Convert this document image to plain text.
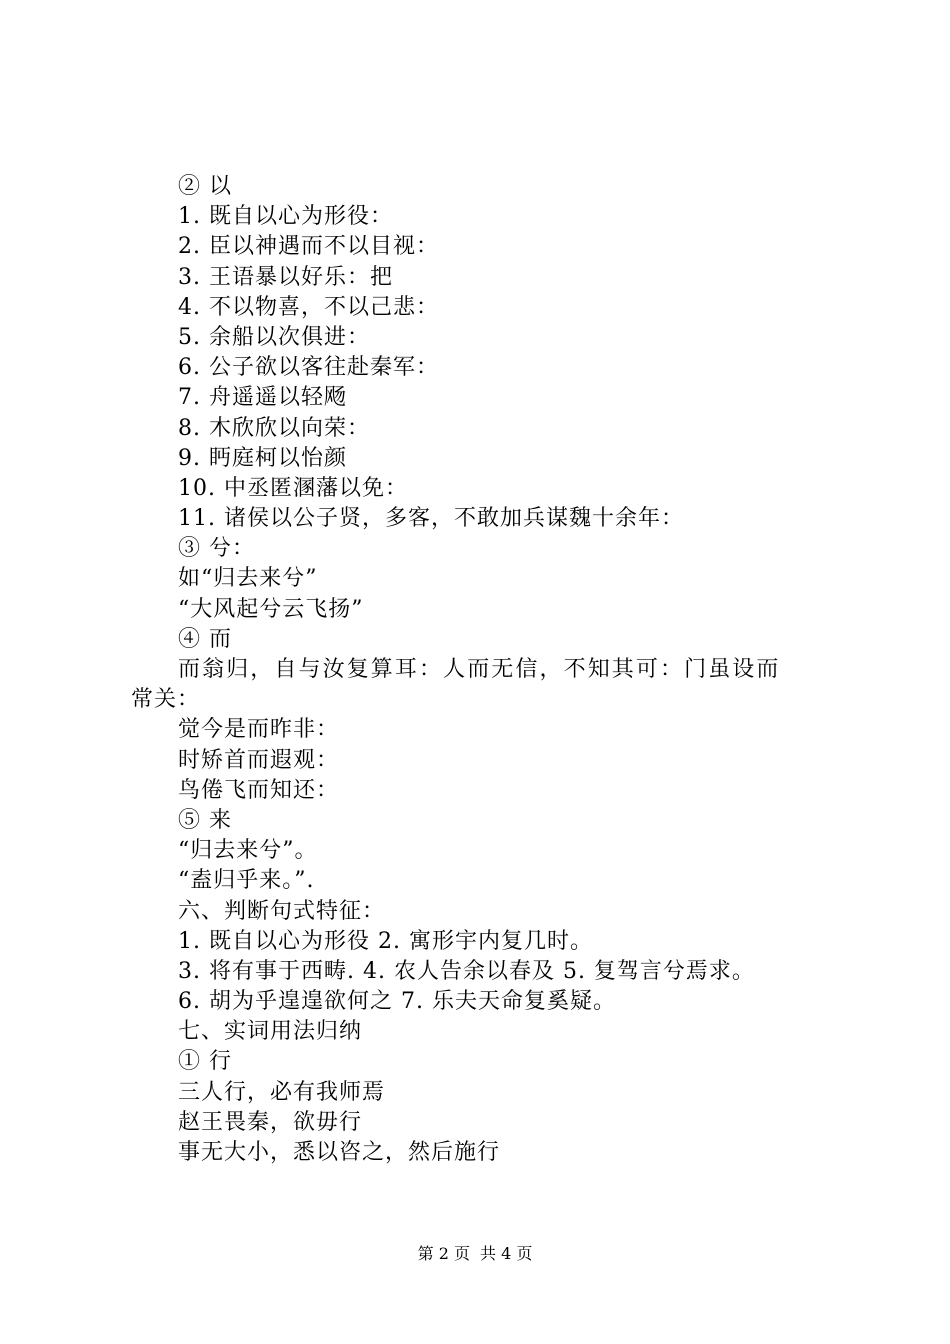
② 以
1. 既自以心为形役：
2. 臣以神遇而不以目视：
3. 王语暴以好乐：把
4. 不以物喜，不以己悲：
5. 余船以次俱进：
6. 公子欲以客往赴秦军：
7. 舟遥遥以轻飏
8. 木欣欣以向荣：
9. 眄庭柯以怡颜
10. 中丞匿溷藩以免：
11. 诸侯以公子贤，多客，不敢加兵谋魏十余年：
③ 兮：
如“归去来兮”
“大风起兮云飞扬”
④ 而
而翁归，自与汝复算耳：人而无信，不知其可：门虽设而
常关：
觉今是而昨非：
时矫首而遐观：
鸟倦飞而知还：
⑤ 来
“归去来兮”。
“盍归乎来。”.
六、判断句式特征：
1. 既自以心为形役 2. 寓形宇内复几时。
3. 将有事于西畴. 4. 农人告余以春及 5. 复驾言兮焉求。
6. 胡为乎遑遑欲何之 7. 乐夫天命复奚疑。
七、实词用法归纳
① 行
三人行，必有我师焉
赵王畏秦，欲毋行
事无大小，悉以咨之，然后施行
第 2 页 共 4 页
